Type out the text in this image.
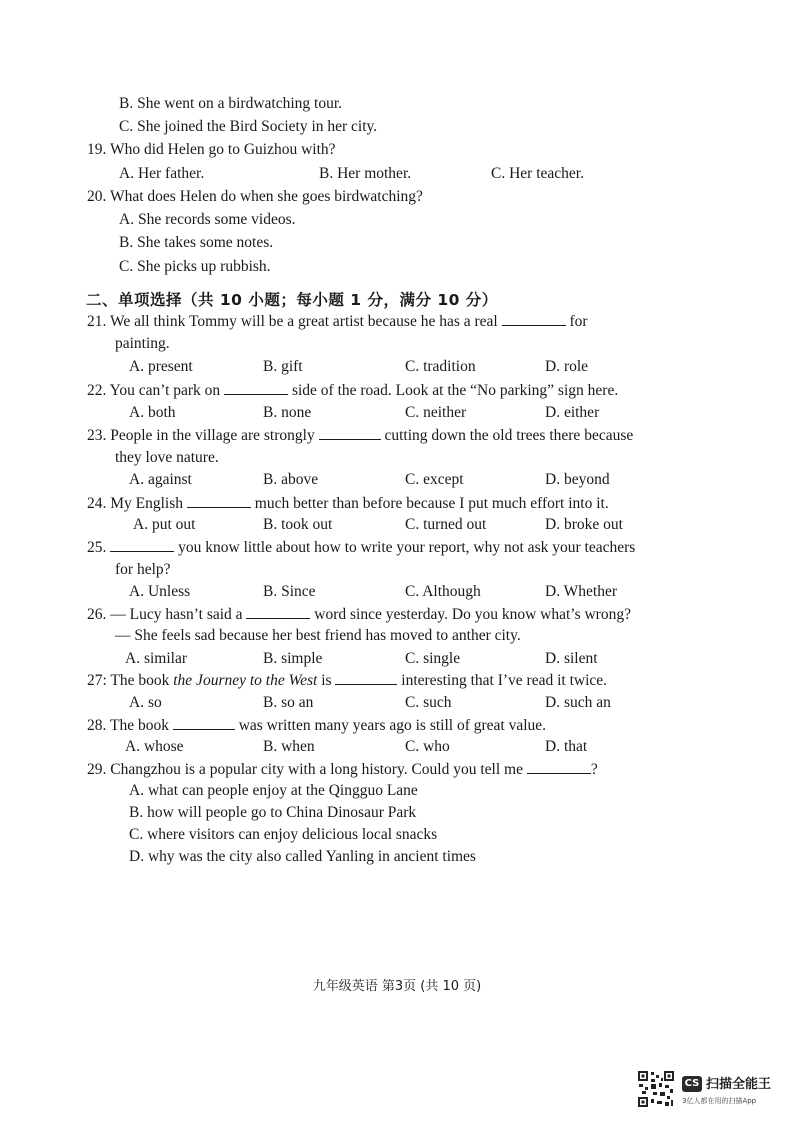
B. She went on a birdwatching tour.
C. She joined the Bird Society in her city.
19. Who did Helen go to Guizhou with?
A. Her father.	B. Her mother.	C. Her teacher.
20. What does Helen do when she goes birdwatching?
A. She records some videos.
B. She takes some notes.
C. She picks up rubbish.
二、单项选择（共 10 小题；每小题 1 分，满分 10 分）
21. We all think Tommy will be a great artist because he has a real	for
painting.
A. present	B. gift	C. tradition	D. role
22. You can’t park on	side of the road. Look at the “No parking” sign here.
A. both	B. none	C. neither	D. either
23. People in the village are strongly	cutting down the old trees there because
they love nature.
A. against	B. above	C. except	D. beyond
24. My English	much better than before because I put much effort into it.
A. put out	B. took out	C. turned out	D. broke out
25.	you know little about how to write your report, why not ask your teachers
for help?
A. Unless	B. Since	C. Although	D. Whether
26. — Lucy hasn’t said a	word since yesterday. Do you know what’s wrong?
— She feels sad because her best friend has moved to anther city.
A. similar	B. simple	C. single	D. silent
27: The book the Journey to the West is	interesting that I’ve read it twice.
A. so	B. so an	C. such	D. such an
28. The book	was written many years ago is still of great value.
A. whose	B. when	C. who	D. that
29. Changzhou is a popular city with a long history. Could you tell me	?
A. what can people enjoy at the Qingguo Lane
B. how will people go to China Dinosaur Park
C. where visitors can enjoy delicious local snacks
D. why was the city also called Yanling in ancient times
九年级英语 第3页 (共 10 页)
CS 扫描全能王
3亿人都在用的扫描App
